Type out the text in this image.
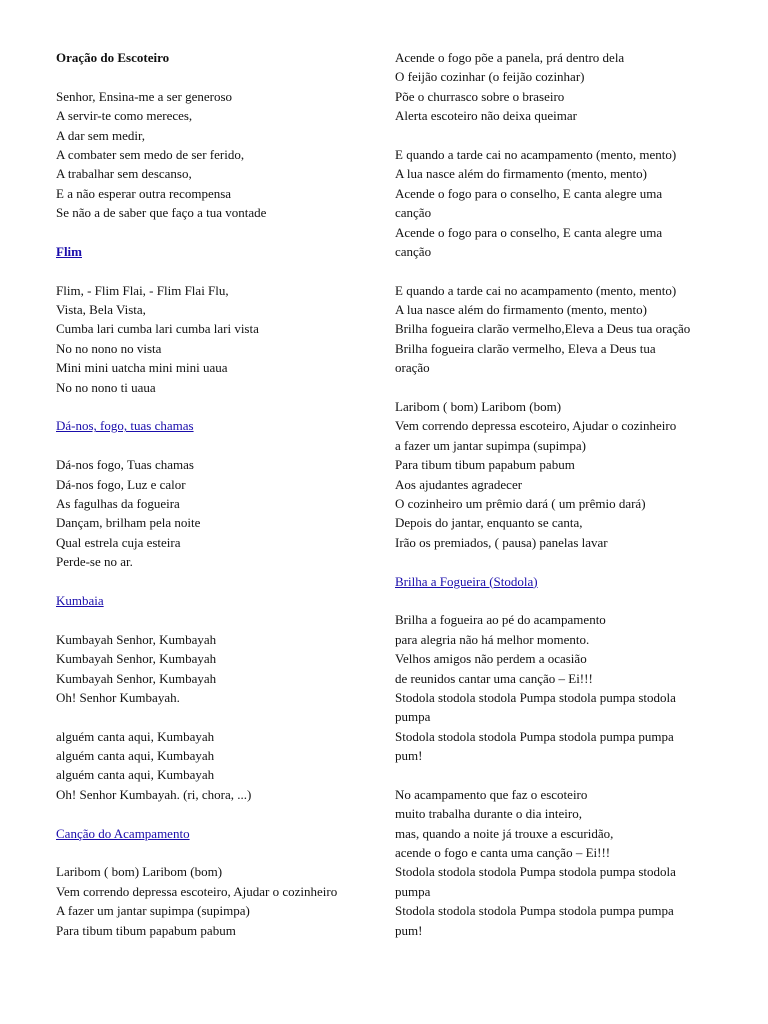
Oração do Escoteiro
Senhor, Ensina-me a ser generoso
A servir-te como mereces,
A dar sem medir,
A combater sem medo de ser ferido,
A trabalhar sem descanso,
E a não esperar outra recompensa
Se não a de saber que faço a tua vontade
Flim
Flim, - Flim Flai, - Flim Flai Flu,
Vista, Bela Vista,
Cumba lari cumba lari cumba lari vista
No no nono no vista
Mini mini uatcha mini mini uaua
No no nono ti uaua
Dá-nos, fogo, tuas chamas
Dá-nos fogo, Tuas chamas
Dá-nos fogo, Luz e calor
As fagulhas da fogueira
Dançam, brilham pela noite
Qual estrela cuja esteira
Perde-se no ar.
Kumbaia
Kumbayah Senhor, Kumbayah
Kumbayah Senhor, Kumbayah
Kumbayah Senhor, Kumbayah
Oh! Senhor Kumbayah.
alguém canta aqui, Kumbayah
alguém canta aqui, Kumbayah
alguém canta aqui, Kumbayah
Oh! Senhor Kumbayah. (ri, chora, ...)
Canção do Acampamento
Laribom ( bom) Laribom (bom)
Vem correndo depressa escoteiro, Ajudar o cozinheiro
A fazer um jantar supimpa (supimpa)
Para tibum tibum papabum pabum
Acende o fogo põe a panela, prá dentro dela
O feijão cozinhar (o feijão cozinhar)
Põe o churrasco sobre o braseiro
Alerta escoteiro não deixa queimar
E quando a tarde cai no acampamento (mento, mento)
A lua nasce além do firmamento (mento, mento)
Acende o fogo para o conselho, E canta alegre uma
canção
Acende o fogo para o conselho, E canta alegre uma
canção
E quando a tarde cai no acampamento (mento, mento)
A lua nasce além do firmamento (mento, mento)
Brilha fogueira clarão vermelho,Eleva a Deus tua oração
Brilha fogueira clarão vermelho, Eleva a Deus tua
oração
Laribom ( bom) Laribom (bom)
Vem correndo depressa escoteiro, Ajudar o cozinheiro
a fazer um jantar supimpa (supimpa)
Para tibum tibum papabum pabum
Aos ajudantes agradecer
O cozinheiro um prêmio dará ( um prêmio dará)
Depois do jantar, enquanto se canta,
Irão os premiados, ( pausa) panelas lavar
Brilha a Fogueira (Stodola)
Brilha a fogueira ao pé do acampamento
para alegria não há melhor momento.
Velhos amigos não perdem a ocasião
de reunidos cantar uma canção – Ei!!!
Stodola stodola stodola Pumpa stodola pumpa stodola
pumpa
Stodola stodola stodola Pumpa stodola pumpa pumpa
pum!
No acampamento que faz o escoteiro
muito trabalha durante o dia inteiro,
mas, quando a noite já trouxe a escuridão,
acende o fogo e canta uma canção – Ei!!!
Stodola stodola stodola Pumpa stodola pumpa stodola
pumpa
Stodola stodola stodola Pumpa stodola pumpa pumpa
pum!
